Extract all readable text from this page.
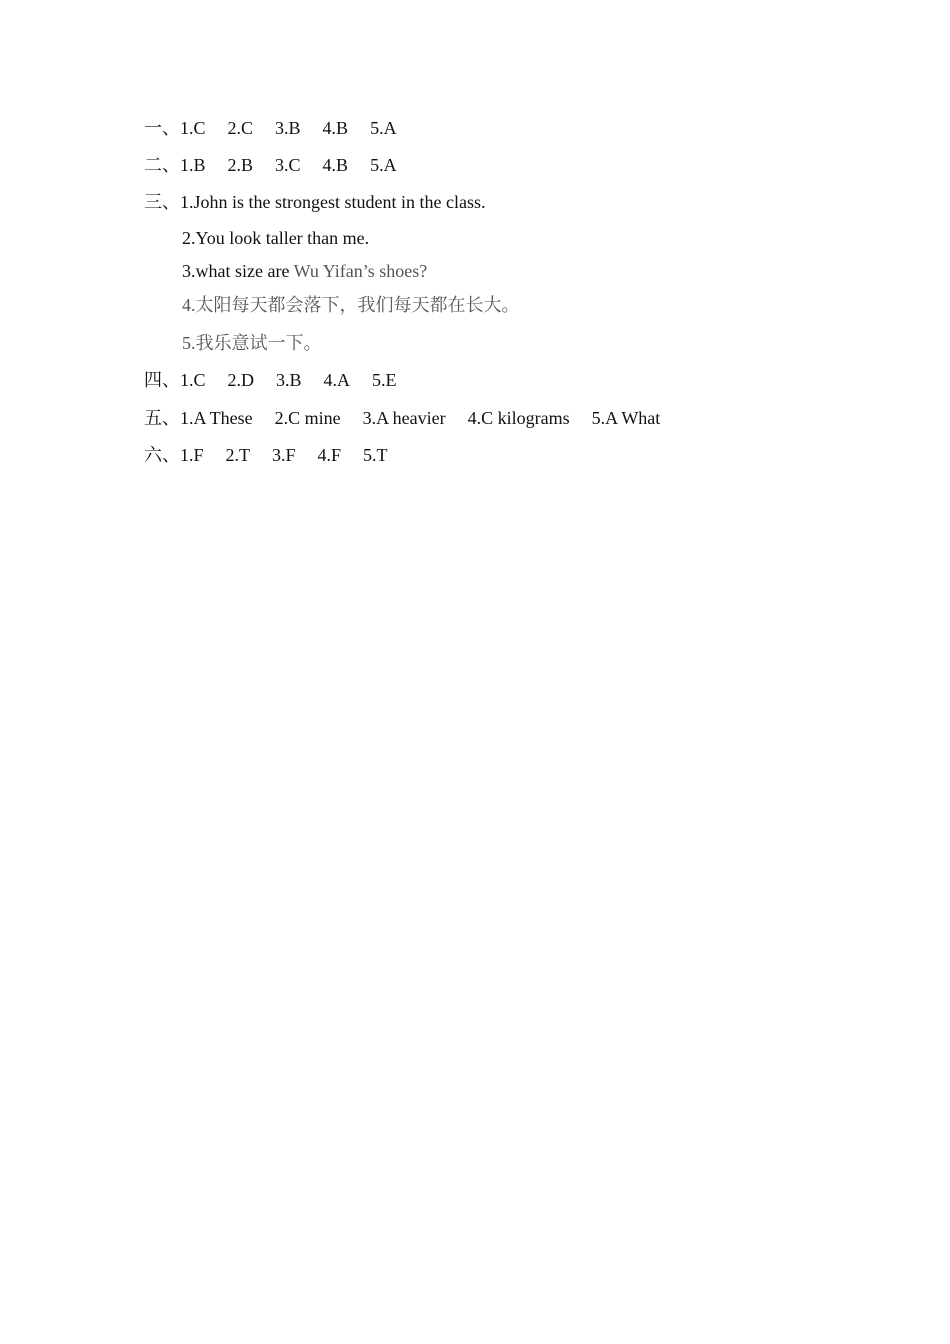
一、1.C 2.C 3.B 4.B 5.A
二、1.B 2.B 3.C 4.B 5.A
三、1.John is the strongest student in the class.
2.You look taller than me.
3.what size are Wu Yifan’s shoes?
4.太阳每天都会落下，我们每天都在长大。
5.我乐意试一下。
四、1.C 2.D 3.B 4.A 5.E
五、1.A These 2.C mine 3.A heavier 4.C kilograms 5.A What
六、1.F 2.T 3.F 4.F 5.T
